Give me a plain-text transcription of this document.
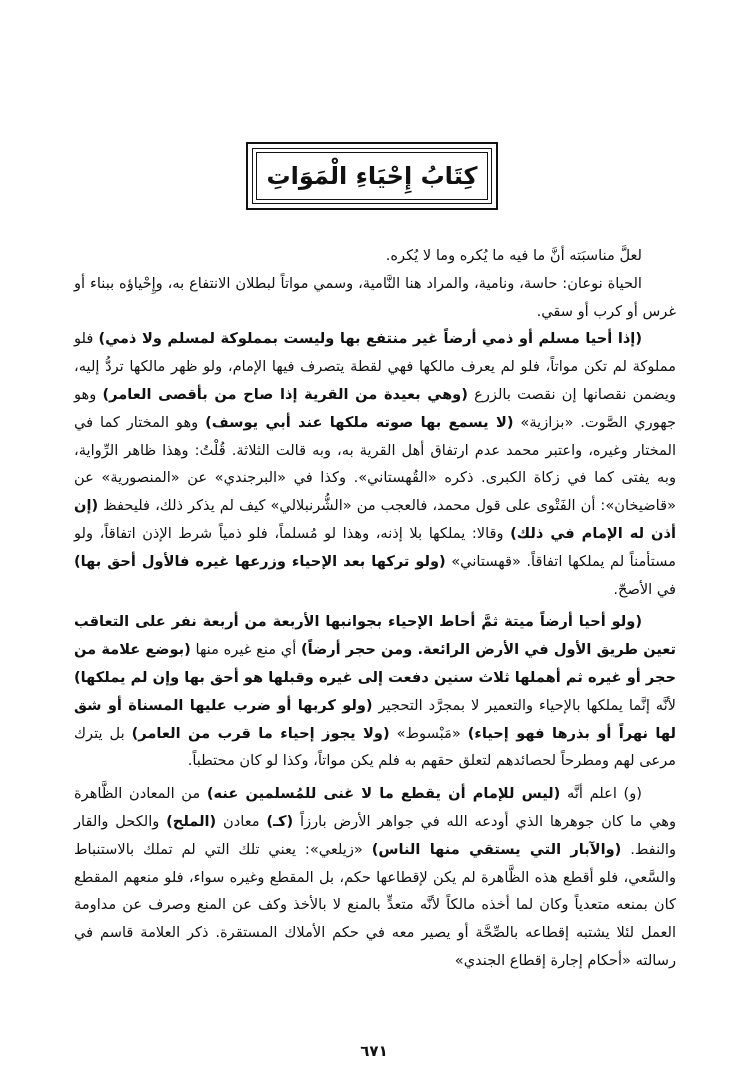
كِتَابُ إِحْيَاءِ الْمَوَاتِ

لعلَّ مناسبَته أنَّ ما فيه ما يُكره وما لا يُكره.

الحياة نوعان: حاسة، ونامية، والمراد هنا النَّامية، وسمي مواتاً لبطلان الانتفاع به، وإِحْياؤه ببناء أو غرس أو كرب أو سقي.

(إذا أحيا مسلم أو ذمي أرضاً غير منتفع بها وليست بمملوكة لمسلم ولا ذمي) فلو مملوكة لم تكن مواتاً، فلو لم يعرف مالكها فهي لقطة يتصرف فيها الإمام، ولو ظهر مالكها تردُّ إليه، ويضمن نقصانها إن نقصت بالزرع (وهي بعيدة من القرية إذا صاح من بأقصى العامر) وهو جهوري الصَّوت. «بزازية» (لا يسمع بها صوته ملكها عند أبي يوسف) وهو المختار كما في المختار وغيره، واعتبر محمد عدم ارتفاق أهل القرية به، وبه قالت الثلاثة. قُلْتُ: وهذا ظاهر الرِّواية، وبه يفتى كما في زكاة الكبرى. ذكره «القُهستاني». وكذا في «البرجندي» عن «المنصورية» عن «قاضيخان»: أن الفَتْوى على قول محمد، فالعجب من «الشُّرنبلالي» كيف لم يذكر ذلك، فليحفظ (إن أذن له الإمام في ذلك) وقالا: يملكها بلا إذنه، وهذا لو مُسلماً، فلو ذمياً شرط الإذن اتفاقاً، ولو مستأمناً لم يملكها اتفاقاً. «قهستاني» (ولو تركها بعد الإحياء وزرعها غيره فالأول أحق بها) في الأصحّ.

(ولو أحيا أرضاً ميتة ثمَّ أحاط الإحياء بجوانبها الأربعة من أربعة نفر على التعاقب تعين طريق الأول في الأرض الرائعة. ومن حجر أرضاً) أي منع غيره منها (بوضع علامة من حجر أو غيره ثم أهملها ثلاث سنين دفعت إلى غيره وقبلها هو أحق بها وإن لم يملكها) لأنَّه إنَّما يملكها بالإحياء والتعمير لا بمجرَّد التحجير (ولو كربها أو ضرب عليها المسناة أو شق لها نهراً أو بذرها فهو إحياء) «مَبْسوط» (ولا يجوز إحياء ما قرب من العامر) بل يترك مرعى لهم ومطرحاً لحصائدهم لتعلق حقهم به فلم يكن مواتاً، وكذا لو كان محتطباً.

(و) اعلم أنَّه (ليس للإمام أن يقطع ما لا غنى للمُسلمين عنه) من المعادن الظَّاهرة وهي ما كان جوهرها الذي أودعه الله في جواهر الأرض بارزاً (كـ) معادن (الملح) والكحل والقار والنفط. (والآبار التي يستقي منها الناس) «زيلعي»: يعني تلك التي لم تملك بالاستنباط والسَّعي، فلو أقطع هذه الظَّاهرة لم يكن لإقطاعها حكم، بل المقطع وغيره سواء، فلو منعهم المقطع كان بمنعه متعدياً وكان لما أخذه مالكاً لأنَّه متعدٍّ بالمنع لا بالأخذ وكف عن المنع وصرف عن مداومة العمل لئلا يشتبه إقطاعه بالصِّحَّة أو يصير معه في حكم الأملاك المستقرة. ذكر العلامة قاسم في رسالته «أحكام إجارة إقطاع الجندي»

٦٧١
